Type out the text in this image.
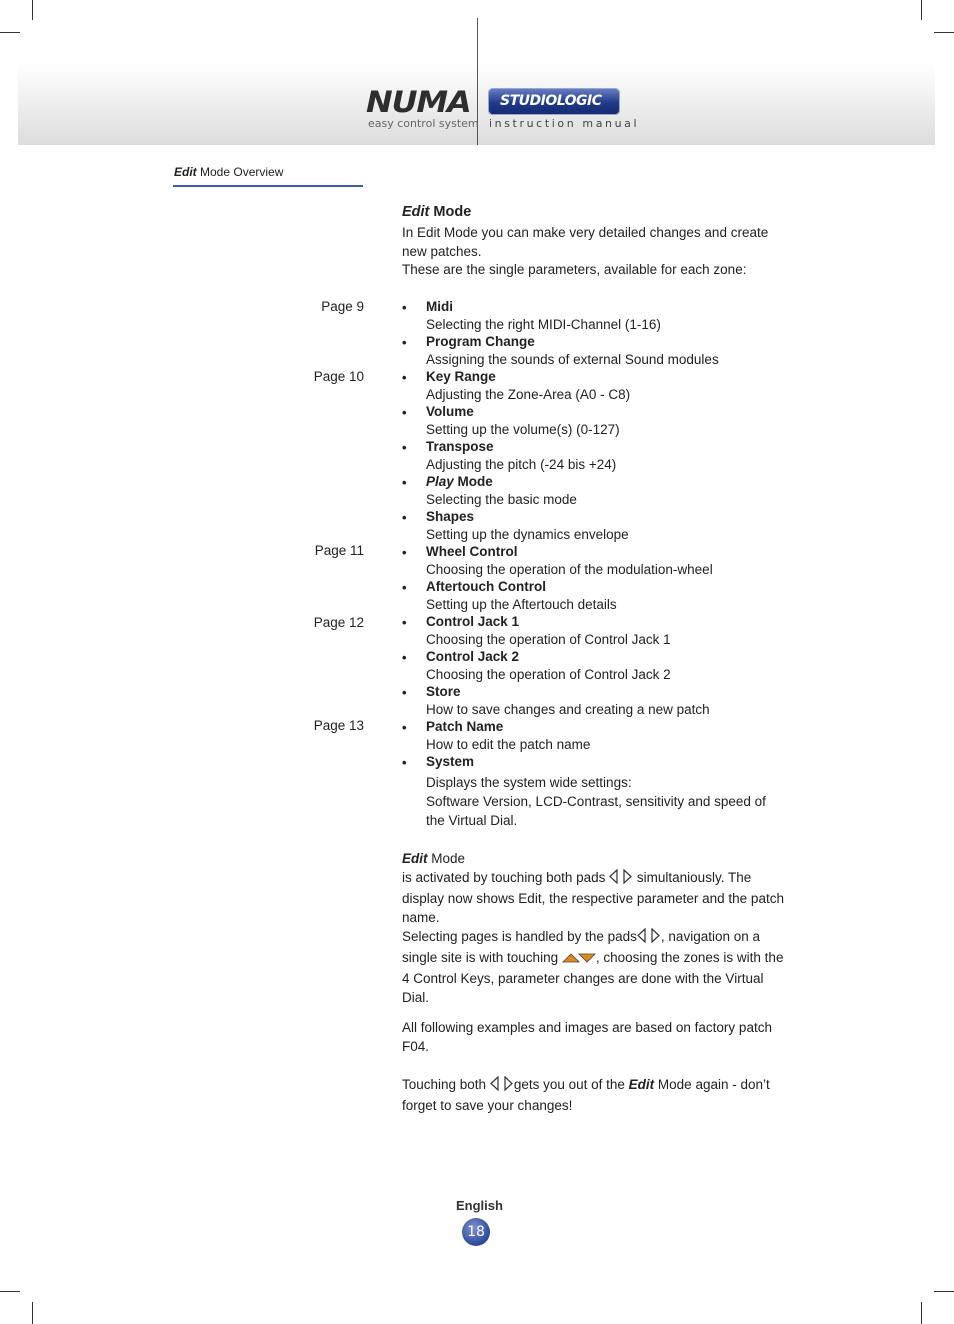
NUMA
easy control system
STUDIOLOGIC
instruction manual
Edit Mode Overview
Edit Mode
In Edit Mode you can make very detailed changes and create new patches.
These are the single parameters, available for each zone:
Page 9
Page 10
Page 11
Page 12
Page 13
• Midi
Selecting the right MIDI-Channel (1-16)
• Program Change
Assigning the sounds of external Sound modules
• Key Range
Adjusting the Zone-Area (A0 - C8)
• Volume
Setting up the volume(s) (0-127)
• Transpose
Adjusting the pitch (-24 bis +24)
• Play Mode
Selecting the basic mode
• Shapes
Setting up the dynamics envelope
• Wheel Control
Choosing the operation of the modulation-wheel
• Aftertouch Control
Setting up the Aftertouch details
• Control Jack 1
Choosing the operation of Control Jack 1
• Control Jack 2
Choosing the operation of Control Jack 2
• Store
How to save changes and creating a new patch
• Patch Name
How to edit the patch name
• System
Displays the system wide settings:
Software Version, LCD-Contrast, sensitivity and speed of the Virtual Dial.
Edit Mode
is activated by touching both pads  simultaniously. The display now shows Edit, the respective parameter and the patch name.
Selecting pages is handled by the pads , navigation on a single site is with touching	, choosing the zones is with the 4 Control Keys, parameter changes are done with the Virtual Dial.
All following examples and images are based on factory patch F04.
Touching both gets you out of the Edit Mode again - don’t forget to save your changes!
English
18
